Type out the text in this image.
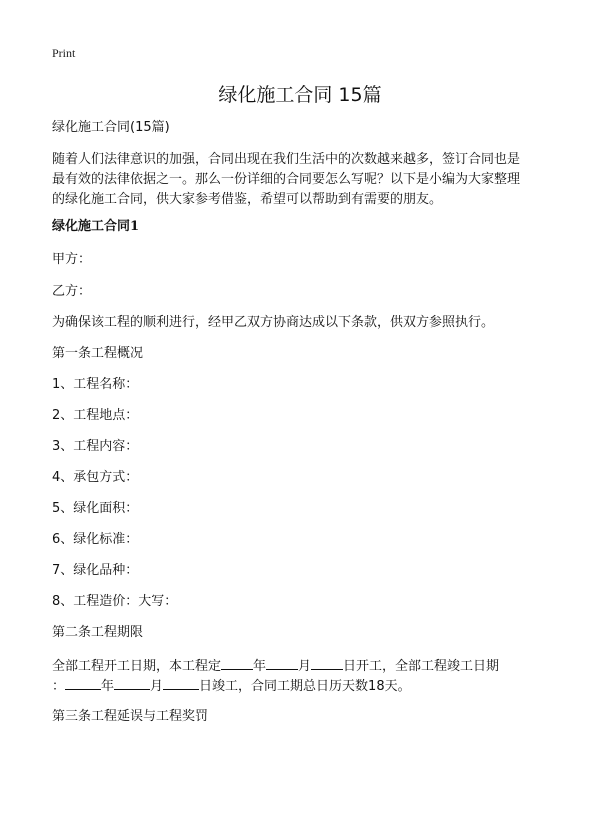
Print
绿化施工合同 15篇
绿化施工合同(15篇)
随着人们法律意识的加强，合同出现在我们生活中的次数越来越多，签订合同也是
最有效的法律依据之一。那么一份详细的合同要怎么写呢？以下是小编为大家整理
的绿化施工合同，供大家参考借鉴，希望可以帮助到有需要的朋友。
绿化施工合同1
甲方：
乙方：
为确保该工程的顺利进行，经甲乙双方协商达成以下条款，供双方参照执行。
第一条工程概况
1、工程名称：
2、工程地点：
3、工程内容：
4、承包方式：
5、绿化面积：
6、绿化标准：
7、绿化品种：
8、工程造价：大写：
第二条工程期限
全部工程开工日期，本工程定 年 月 日开工，全部工程竣工日期
：	年	月	日竣工，合同工期总日历天数18天。
第三条工程延误与工程奖罚
